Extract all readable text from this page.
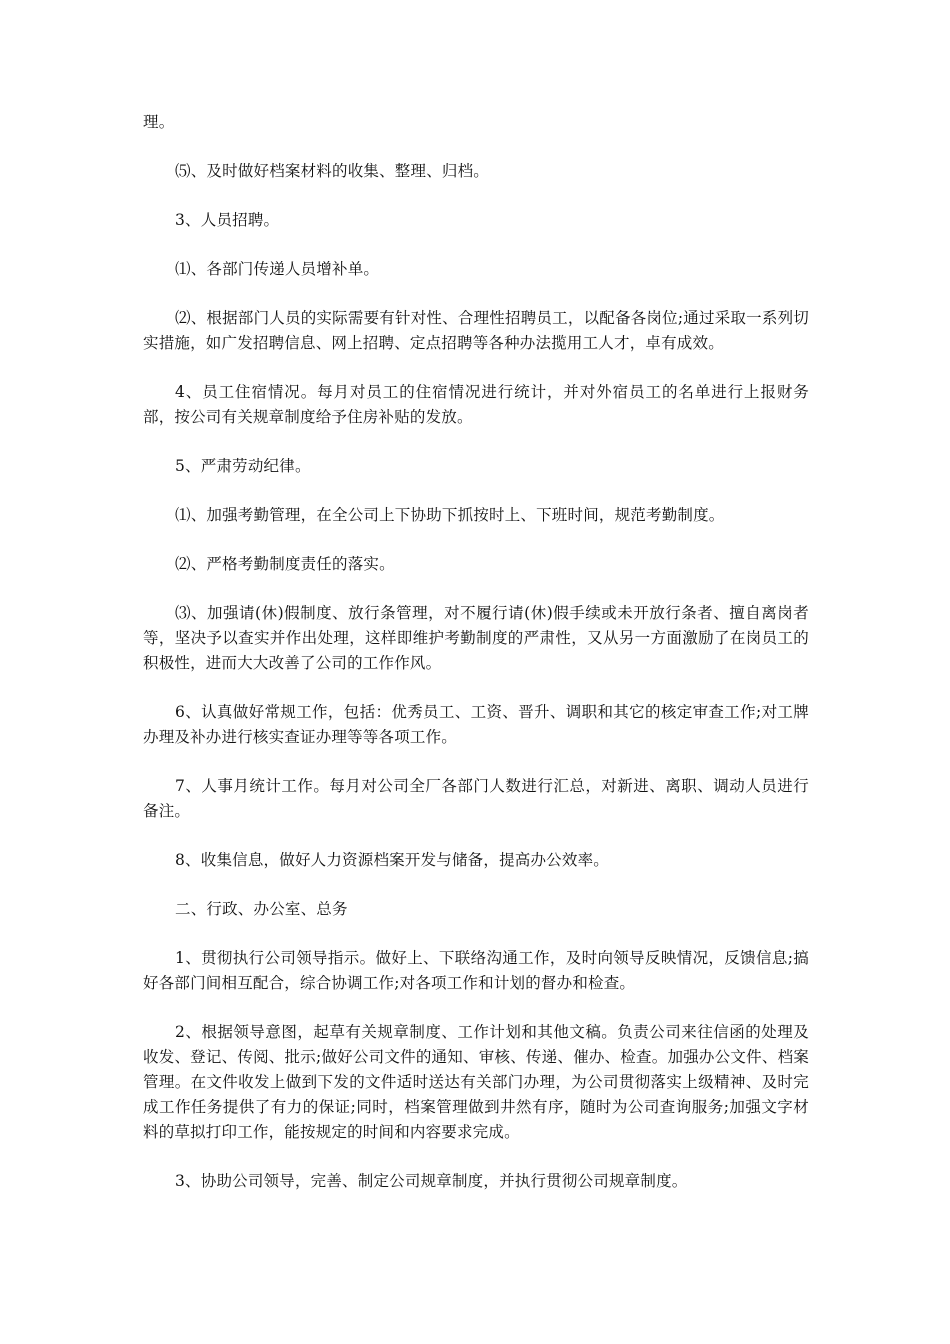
理。

⑸、及时做好档案材料的收集、整理、归档。

3、人员招聘。

⑴、各部门传递人员增补单。

⑵、根据部门人员的实际需要有针对性、合理性招聘员工，以配备各岗位;通过采取一系列切实措施，如广发招聘信息、网上招聘、定点招聘等各种办法揽用工人才，卓有成效。

4、员工住宿情况。每月对员工的住宿情况进行统计，并对外宿员工的名单进行上报财务部，按公司有关规章制度给予住房补贴的发放。

5、严肃劳动纪律。

⑴、加强考勤管理，在全公司上下协助下抓按时上、下班时间，规范考勤制度。

⑵、严格考勤制度责任的落实。

⑶、加强请(休)假制度、放行条管理，对不履行请(休)假手续或未开放行条者、擅自离岗者等，坚决予以查实并作出处理，这样即维护考勤制度的严肃性，又从另一方面激励了在岗员工的积极性，进而大大改善了公司的工作作风。

6、认真做好常规工作，包括：优秀员工、工资、晋升、调职和其它的核定审查工作;对工牌办理及补办进行核实查证办理等等各项工作。

7、人事月统计工作。每月对公司全厂各部门人数进行汇总，对新进、离职、调动人员进行备注。

8、收集信息，做好人力资源档案开发与储备，提高办公效率。

二、行政、办公室、总务

1、贯彻执行公司领导指示。做好上、下联络沟通工作，及时向领导反映情况，反馈信息;搞好各部门间相互配合，综合协调工作;对各项工作和计划的督办和检查。

2、根据领导意图，起草有关规章制度、工作计划和其他文稿。负责公司来往信函的处理及收发、登记、传阅、批示;做好公司文件的通知、审核、传递、催办、检查。加强办公文件、档案管理。在文件收发上做到下发的文件适时送达有关部门办理，为公司贯彻落实上级精神、及时完成工作任务提供了有力的保证;同时，档案管理做到井然有序，随时为公司查询服务;加强文字材料的草拟打印工作，能按规定的时间和内容要求完成。

3、协助公司领导，完善、制定公司规章制度，并执行贯彻公司规章制度。
